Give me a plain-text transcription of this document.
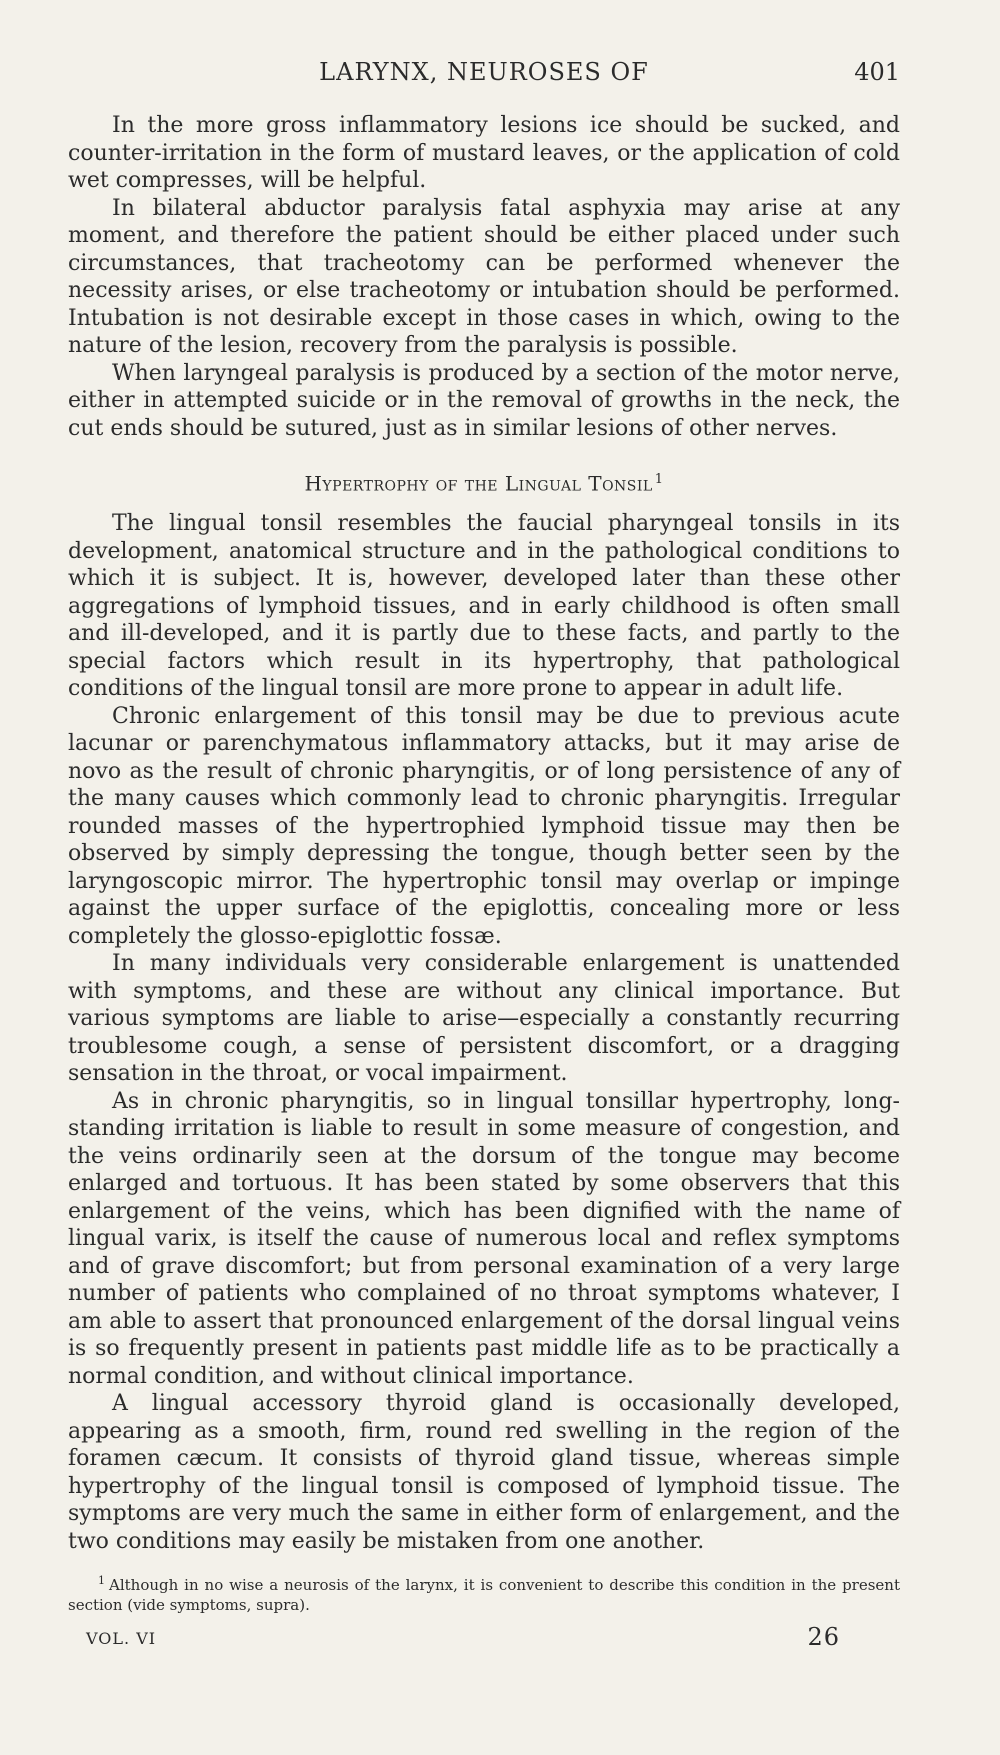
LARYNX, NEUROSES OF	401

In the more gross inflammatory lesions ice should be sucked, and counter-irritation in the form of mustard leaves, or the application of cold wet compresses, will be helpful.

In bilateral abductor paralysis fatal asphyxia may arise at any moment, and therefore the patient should be either placed under such circumstances, that tracheotomy can be performed whenever the necessity arises, or else tracheotomy or intubation should be performed. Intubation is not desirable except in those cases in which, owing to the nature of the lesion, recovery from the paralysis is possible.

When laryngeal paralysis is produced by a section of the motor nerve, either in attempted suicide or in the removal of growths in the neck, the cut ends should be sutured, just as in similar lesions of other nerves.

Hypertrophy of the Lingual Tonsil $^1$

The lingual tonsil resembles the faucial pharyngeal tonsils in its development, anatomical structure and in the pathological conditions to which it is subject. It is, however, developed later than these other aggregations of lymphoid tissues, and in early childhood is often small and ill-developed, and it is partly due to these facts, and partly to the special factors which result in its hypertrophy, that pathological conditions of the lingual tonsil are more prone to appear in adult life.

Chronic enlargement of this tonsil may be due to previous acute lacunar or parenchymatous inflammatory attacks, but it may arise de novo as the result of chronic pharyngitis, or of long persistence of any of the many causes which commonly lead to chronic pharyngitis. Irregular rounded masses of the hypertrophied lymphoid tissue may then be observed by simply depressing the tongue, though better seen by the laryngoscopic mirror. The hypertrophic tonsil may overlap or impinge against the upper surface of the epiglottis, concealing more or less completely the glosso-epiglottic fossæ.

In many individuals very considerable enlargement is unattended with symptoms, and these are without any clinical importance. But various symptoms are liable to arise—especially a constantly recurring troublesome cough, a sense of persistent discomfort, or a dragging sensation in the throat, or vocal impairment.

As in chronic pharyngitis, so in lingual tonsillar hypertrophy, long-standing irritation is liable to result in some measure of congestion, and the veins ordinarily seen at the dorsum of the tongue may become enlarged and tortuous. It has been stated by some observers that this enlargement of the veins, which has been dignified with the name of lingual varix, is itself the cause of numerous local and reflex symptoms and of grave discomfort; but from personal examination of a very large number of patients who complained of no throat symptoms whatever, I am able to assert that pronounced enlargement of the dorsal lingual veins is so frequently present in patients past middle life as to be practically a normal condition, and without clinical importance.

A lingual accessory thyroid gland is occasionally developed, appearing as a smooth, firm, round red swelling in the region of the foramen cæcum. It consists of thyroid gland tissue, whereas simple hypertrophy of the lingual tonsil is composed of lymphoid tissue. The symptoms are very much the same in either form of enlargement, and the two conditions may easily be mistaken from one another.

$^1$ Although in no wise a neurosis of the larynx, it is convenient to describe this condition in the present section (vide symptoms, supra).
VOL. VI	26
